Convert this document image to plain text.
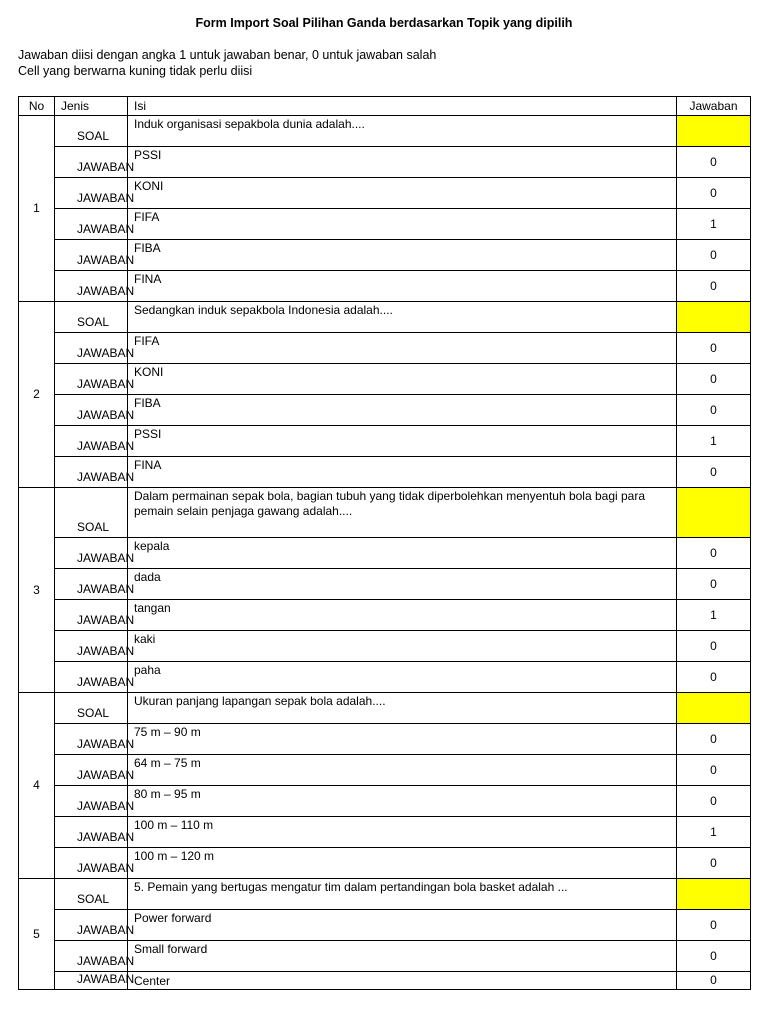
Form Import Soal Pilihan Ganda berdasarkan Topik yang dipilih
Jawaban diisi dengan angka 1 untuk jawaban benar, 0 untuk jawaban salah
Cell yang berwarna kuning tidak perlu diisi
No	Jenis	Isi	Jawaban
1	SOAL	Induk organisasi sepakbola dunia adalah....	
	JAWABAN	PSSI	0
	JAWABAN	KONI	0
	JAWABAN	FIFA	1
	JAWABAN	FIBA	0
	JAWABAN	FINA	0
2	SOAL	Sedangkan induk sepakbola Indonesia adalah....	
	JAWABAN	FIFA	0
	JAWABAN	KONI	0
	JAWABAN	FIBA	0
	JAWABAN	PSSI	1
	JAWABAN	FINA	0
3	SOAL	Dalam permainan sepak bola, bagian tubuh yang tidak diperbolehkan menyentuh bola bagi para pemain selain penjaga gawang adalah....	
	JAWABAN	kepala	0
	JAWABAN	dada	0
	JAWABAN	tangan	1
	JAWABAN	kaki	0
	JAWABAN	paha	0
4	SOAL	Ukuran panjang lapangan sepak bola adalah....	
	JAWABAN	75 m – 90 m	0
	JAWABAN	64 m – 75 m	0
	JAWABAN	80 m – 95 m	0
	JAWABAN	100 m – 110 m	1
	JAWABAN	100 m – 120 m	0
5	SOAL	5. Pemain yang bertugas mengatur tim dalam pertandingan bola basket adalah ...	
	JAWABAN	Power forward	0
	JAWABAN	Small forward	0
	JAWABAN	Center	0
